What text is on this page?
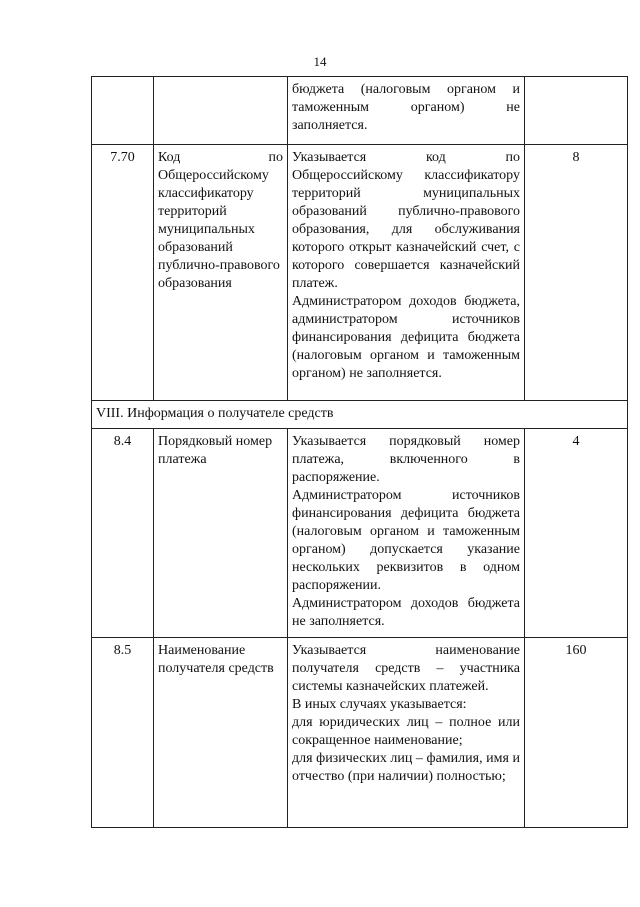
14

		бюджета (налоговым органом и таможенным органом) не заполняется.	

7.70	Код по Общероссийскому классификатору территорий муниципальных образований публично-правового образования	Указывается код по Общероссийскому классификатору территорий муниципальных образований публично-правового образования, для обслуживания которого открыт казначейский счет, с которого совершается казначейский платеж.

Администратором доходов бюджета, администратором источников финансирования дефицита бюджета (налоговым органом и таможенным органом) не заполняется.	8
VIII. Информация о получателе средств			
8.4	Порядковый номер платежа	Указывается порядковый номер платежа, включенного в распоряжение.

Администратором источников финансирования дефицита бюджета (налоговым органом и таможенным органом) допускается указание нескольких реквизитов в одном распоряжении.

Администратором доходов бюджета не заполняется.	4
8.5	Наименование получателя средств	Указывается наименование получателя средств – участника системы казначейских платежей.

В иных случаях указывается:

для юридических лиц – полное или сокращенное наименование;

для физических лиц – фамилия, имя и отчество (при наличии) полностью;	160
